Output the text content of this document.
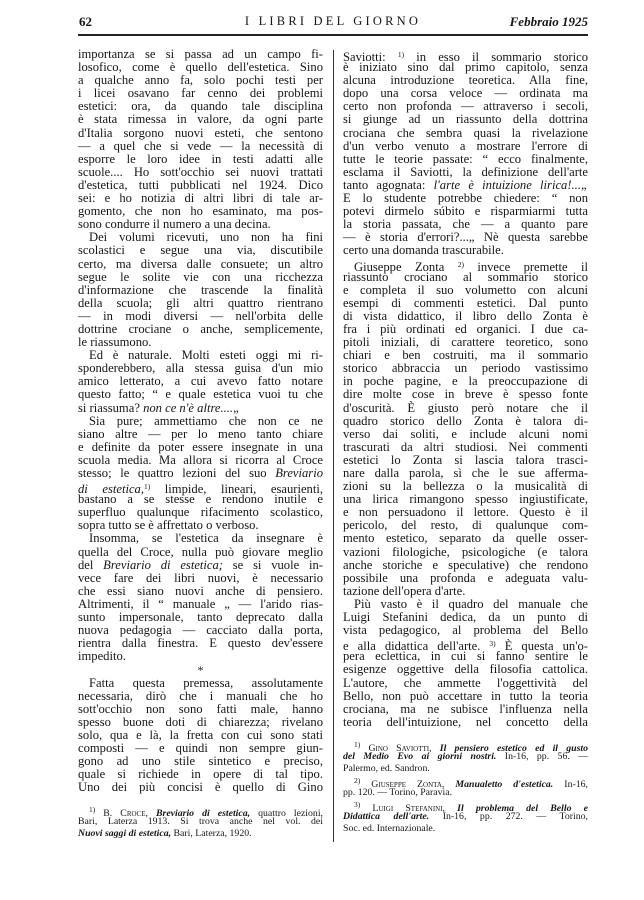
62	I LIBRI DEL GIORNO	Febbraio 1925
importanza se si passa ad un campo fi-
losofico, come è quello dell'estetica. Sino
a qualche anno fa, solo pochi testi per
i licei osavano far cenno dei problemi
estetici: ora, da quando tale disciplina
è stata rimessa in valore, da ogni parte
d'Italia sorgono nuovi esteti, che sentono
— a quel che si vede — la necessità di
esporre le loro idee in testi adatti alle
scuole.... Ho sott'occhio sei nuovi trattati
d'estetica, tutti pubblicati nel 1924. Dico
sei: e ho notizia di altri libri di tale ar-
gomento, che non ho esaminato, ma pos-
sono condurre il numero a una decina.
Dei volumi ricevuti, uno non ha fini
scolastici e segue una via, discutibile
certo, ma diversa dalle consuete; un altro
segue le solite vie con una ricchezza
d'informazione che trascende la finalità
della scuola; gli altri quattro rientrano
— in modi diversi — nell'orbita delle
dottrine crociane o anche, semplicemente,
le riassumono.
Ed è naturale. Molti esteti oggi mi ri-
sponderebbero, alla stessa guisa d'un mio
amico letterato, a cui avevo fatto notare
questo fatto; “ e quale estetica vuoi tu che
si riassuma? non ce n'è altre....„
Sia pure; ammettiamo che non ce ne
siano altre — per lo meno tanto chiare
e definite da poter essere insegnate in una
scuola media. Ma allora si ricorra al Croce
stesso; le quattro lezioni del suo Breviario
di estetica,$^{1)}$ limpide, lineari, esaurienti,
bastano a se stesse e rendono inutile e
superfluo qualunque rifacimento scolastico,
sopra tutto se è affrettato o verboso.
Insomma, se l'estetica da insegnare è
quella del Croce, nulla può giovare meglio
del Breviario di estetica; se si vuole in-
vece fare dei libri nuovi, è necessario
che essi siano nuovi anche di pensiero.
Altrimenti, il “ manuale „ — l'arido rias-
sunto impersonale, tanto deprecato dalla
nuova pedagogia — cacciato dalla porta,
rientra dalla finestra. E questo dev'essere
impedito.
*
Fatta questa premessa, assolutamente
necessaria, dirò che i manuali che ho
sott'occhio non sono fatti male, hanno
spesso buone doti di chiarezza; rivelano
solo, qua e là, la fretta con cui sono stati
composti — e quindi non sempre giun-
gono ad uno stile sintetico e preciso,
quale si richiede in opere di tal tipo.
Uno dei più concisi è quello di Gino
$^{1)}$ B. Croce, Breviario di estetica, quattro lezioni,
Bari, Laterza 1913. Si trova anche nel vol. dei
Nuovi saggi di estetica, Bari, Laterza, 1920.
Saviotti: $^{1)}$ in esso il sommario storico
è iniziato sino dal primo capitolo, senza
alcuna introduzione teoretica. Alla fine,
dopo una corsa veloce — ordinata ma
certo non profonda — attraverso i secoli,
si giunge ad un riassunto della dottrina
crociana che sembra quasi la rivelazione
d'un verbo venuto a mostrare l'errore di
tutte le teorie passate: “ ecco finalmente,
esclama il Saviotti, la definizione dell'arte
tanto agognata: l'arte è intuizione lirica!...„
E lo studente potrebbe chiedere: “ non
potevi dirmelo súbito e risparmiarmi tutta
la storia passata, che — a quanto pare
— è storia d'errori?...„ Nè questa sarebbe
certo una domanda trascurabile.
Giuseppe Zonta $^{2)}$ invece premette il
riassunto crociano al sommario storico
e completa il suo volumetto con alcuni
esempi di commenti estetici. Dal punto
di vista didattico, il libro dello Zonta è
fra i più ordinati ed organici. I due ca-
pitoli iniziali, di carattere teoretico, sono
chiari e ben costruiti, ma il sommario
storico abbraccia un periodo vastissimo
in poche pagine, e la preoccupazione di
dire molte cose in breve è spesso fonte
d'oscurità. È giusto però notare che il
quadro storico dello Zonta è talora di-
verso dai soliti, e include alcuni nomi
trascurati da altri studiosi. Nei commenti
estetici lo Zonta si lascia talora trasci-
nare dalla parola, sì che le sue afferma-
zioni su la bellezza o la musicalità di
una lirica rimangono spesso ingiustificate,
e non persuadono il lettore. Questo è il
pericolo, del resto, di qualunque com-
mento estetico, separato da quelle osser-
vazioni filologiche, psicologiche (e talora
anche storiche e speculative) che rendono
possibile una profonda e adeguata valu-
tazione dell'opera d'arte.
Più vasto è il quadro del manuale che
Luigi Stefanini dedica, da un punto di
vista pedagogico, al problema del Bello
e alla didattica dell'arte. $^{3)}$ È questa un'o-
pera eclettica, in cui si fanno sentire le
esigenze oggettive della filosofia cattolica.
L'autore, che ammette l'oggettività del
Bello, non può accettare in tutto la teoria
crociana, ma ne subisce l'influenza nella
teoria dell'intuizione, nel concetto della
$^{1)}$ Gino Saviotti, Il pensiero estetico ed il gusto
del Medio Evo ai giorni nostri. In-16, pp. 56. —
Palermo, ed. Sandron.
$^{2)}$ Giuseppe Zonta, Manualetto d'estetica. In-16,
pp. 120. — Torino, Paravia.
$^{3)}$ Luigi Stefanini, Il problema del Bello e
Didattica dell'arte. In-16, pp. 272. — Torino,
Soc. ed. Internazionale.
